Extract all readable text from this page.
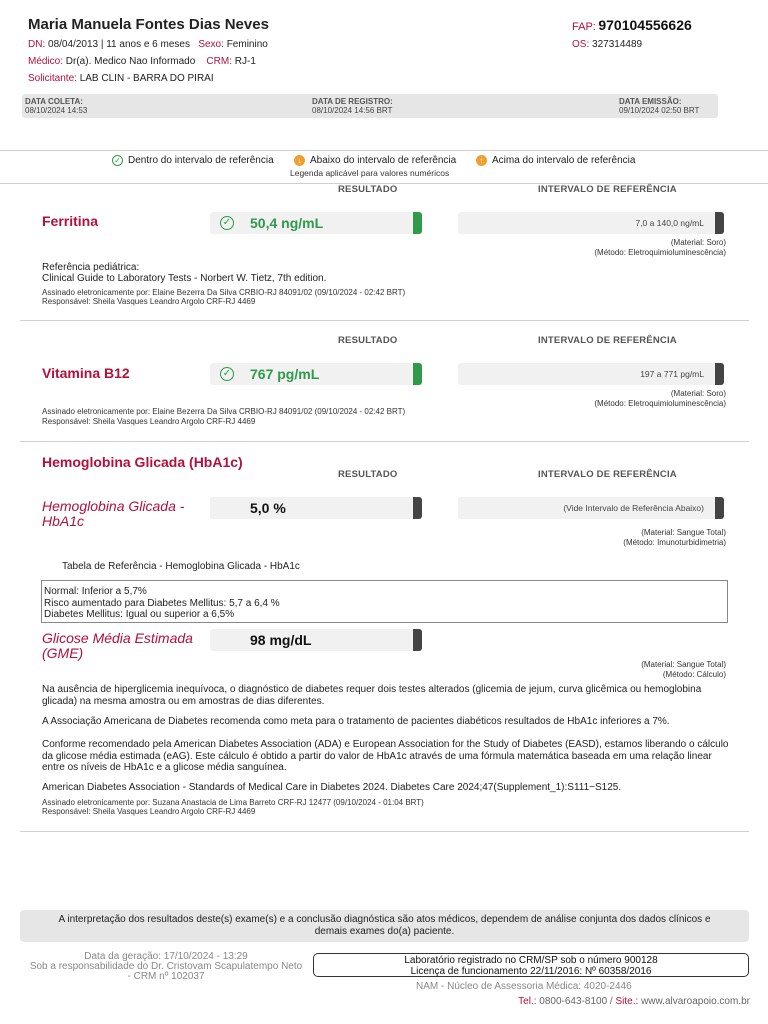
Maria Manuela Fontes Dias Neves
DN: 08/04/2013 | 11 anos e 6 meses Sexo: Feminino
Médico: Dr(a). Medico Nao Informado CRM: RJ-1
Solicitante: LAB CLIN - BARRA DO PIRAI
FAP: 970104556626
OS: 327314489
DATA COLETA:
08/10/2024 14:53
DATA DE REGISTRO:
08/10/2024 14:56 BRT
DATA EMISSÃO:
09/10/2024 02:50 BRT
✓ Dentro do intervalo de referência	↓ Abaixo do intervalo de referência	↑ Acima do intervalo de referência
Legenda aplicável para valores numéricos
RESULTADO	INTERVALO DE REFERÊNCIA
Ferritina	✓ 50,4 ng/mL	7,0 a 140,0 ng/mL
(Material: Soro)
(Método: Eletroquimioluminescência)
Referência pediátrica:
Clinical Guide to Laboratory Tests - Norbert W. Tietz, 7th edition.
Assinado eletronicamente por: Elaine Bezerra Da Silva CRBIO-RJ 84091/02 (09/10/2024 - 02:42 BRT)
Responsável: Sheila Vasques Leandro Argolo CRF-RJ 4469
RESULTADO	INTERVALO DE REFERÊNCIA
Vitamina B12	✓ 767 pg/mL	197 a 771 pg/mL
(Material: Soro)
(Método: Eletroquimioluminescência)
Assinado eletronicamente por: Elaine Bezerra Da Silva CRBIO-RJ 84091/02 (09/10/2024 - 02:42 BRT)
Responsável: Sheila Vasques Leandro Argolo CRF-RJ 4469
Hemoglobina Glicada (HbA1c)
RESULTADO	INTERVALO DE REFERÊNCIA
Hemoglobina Glicada -
HbA1c
5,0 %	(Vide Intervalo de Referência Abaixo)
(Material: Sangue Total)
(Método: Imunoturbidimetria)
Tabela de Referência - Hemoglobina Glicada - HbA1c
Normal: Inferior a 5,7%
Risco aumentado para Diabetes Mellitus: 5,7 a 6,4 %
Diabetes Mellitus: Igual ou superior a 6,5%
Glicose Média Estimada
(GME)
98 mg/dL
(Material: Sangue Total)
(Método: Cálculo)
Na ausência de hiperglicemia inequívoca, o diagnóstico de diabetes requer dois testes alterados (glicemia de jejum, curva glicêmica ou hemoglobina glicada) na mesma amostra ou em amostras de dias diferentes.
A Associação Americana de Diabetes recomenda como meta para o tratamento de pacientes diabéticos resultados de HbA1c inferiores a 7%.
Conforme recomendado pela American Diabetes Association (ADA) e European Association for the Study of Diabetes (EASD), estamos liberando o cálculo da glicose média estimada (eAG). Este cálculo é obtido a partir do valor de HbA1c através de uma fórmula matemática baseada em uma relação linear entre os níveis de HbA1c e a glicose média sanguínea.
American Diabetes Association - Standards of Medical Care in Diabetes 2024. Diabetes Care 2024;47(Supplement_1):S111−S125.
Assinado eletronicamente por: Suzana Anastacia de Lima Barreto CRF-RJ 12477 (09/10/2024 - 01:04 BRT)
Responsável: Sheila Vasques Leandro Argolo CRF-RJ 4469
A interpretação dos resultados deste(s) exame(s) e a conclusão diagnóstica são atos médicos, dependem de análise conjunta dos dados clínicos e
demais exames do(a) paciente.
Data da geração: 17/10/2024 - 13:29
Sob a responsabilidade do Dr. Cristovam Scapulatempo Neto
- CRM nº 102037
Laboratório registrado no CRM/SP sob o número 900128
Licença de funcionamento 22/11/2016: Nº 60358/2016
NAM - Núcleo de Assessoria Médica: 4020-2446
Tel.: 0800-643-8100 / Site.: www.alvaroapoio.com.br
